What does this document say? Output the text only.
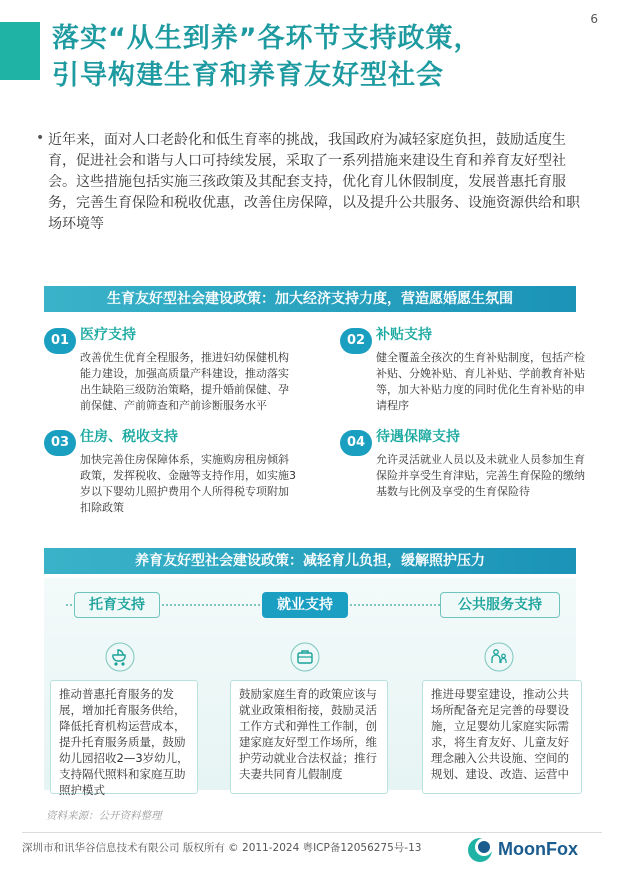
6
落实“从生到养”各环节支持政策，
引导构建生育和养育友好型社会
• 近年来，面对人口老龄化和低生育率的挑战，我国政府为减轻家庭负担，鼓励适度生育，促进社会和谐与人口可持续发展，采取了一系列措施来建设生育和养育友好型社会。这些措施包括实施三孩政策及其配套支持，优化育儿休假制度，发展普惠托育服务，完善生育保险和税收优惠，改善住房保障，以及提升公共服务、设施资源供给和职场环境等
生育友好型社会建设政策：加大经济支持力度，营造愿婚愿生氛围
01 医疗支持
改善优生优育全程服务，推进妇幼保健机构能力建设，加强高质量产科建设，推动落实出生缺陷三级防治策略，提升婚前保健、孕前保健、产前筛查和产前诊断服务水平
02 补贴支持
健全覆盖全孩次的生育补贴制度，包括产检补贴、分娩补贴、育儿补贴、学前教育补贴等，加大补贴力度的同时优化生育补贴的申请程序
03 住房、税收支持
加快完善住房保障体系，实施购房租房倾斜政策，发挥税收、金融等支持作用，如实施3岁以下婴幼儿照护费用个人所得税专项附加扣除政策
04 待遇保障支持
允许灵活就业人员以及未就业人员参加生育保险并享受生育津贴，完善生育保险的缴纳基数与比例及享受的生育保险待
养育友好型社会建设政策：减轻育儿负担，缓解照护压力
托育支持	就业支持	公共服务支持
推动普惠托育服务的发展，增加托育服务供给，降低托育机构运营成本，提升托育服务质量，鼓励幼儿园招收2—3岁幼儿，支持隔代照料和家庭互助照护模式
鼓励家庭生育的政策应该与就业政策相衔接，鼓励灵活工作方式和弹性工作制，创建家庭友好型工作场所，维护劳动就业合法权益；推行夫妻共同育儿假制度
推进母婴室建设，推动公共场所配备充足完善的母婴设施，立足婴幼儿家庭实际需求，将生育友好、儿童友好理念融入公共设施、空间的规划、建设、改造、运营中
资料来源：公开资料整理
深圳市和讯华谷信息技术有限公司 版权所有 © 2011-2024 粤ICP备12056275号-13	MoonFox
